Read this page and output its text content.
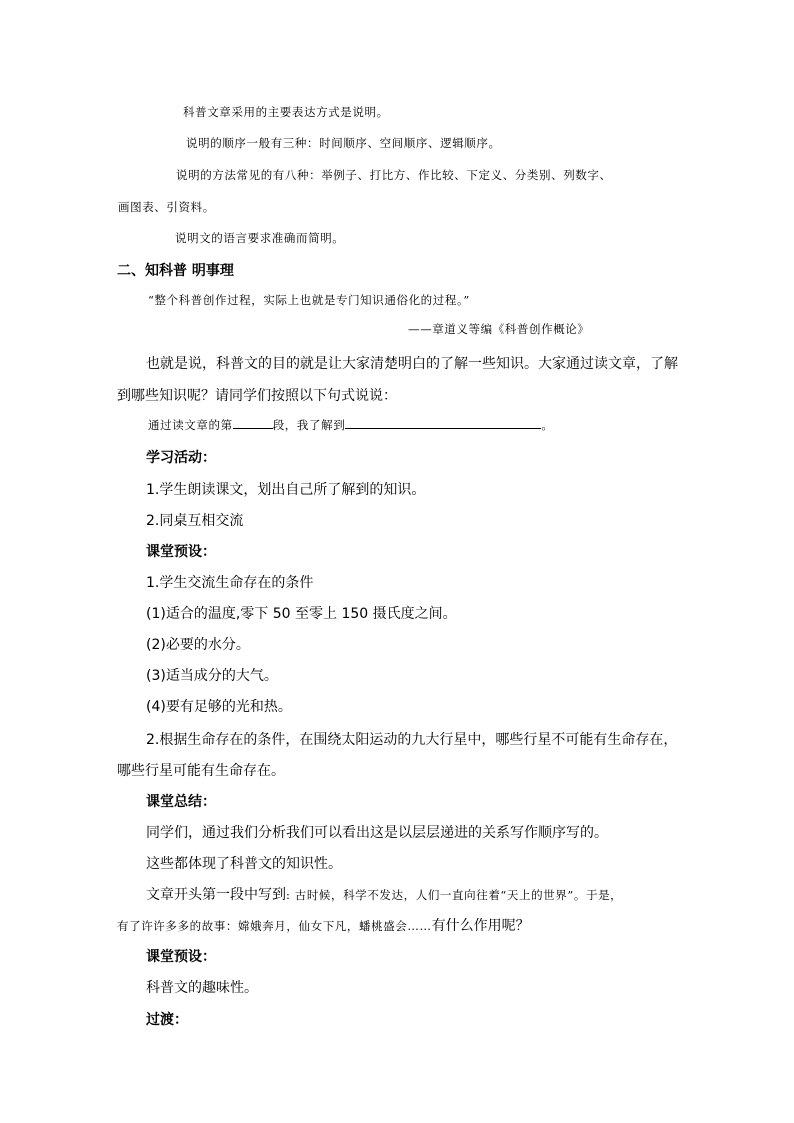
科普文章采用的主要表达方式是说明。
说明的顺序一般有三种：时间顺序、空间顺序、逻辑顺序。
说明的方法常见的有八种：举例子、打比方、作比较、下定义、分类别、列数字、
画图表、引资料。
说明文的语言要求准确而简明。
二、知科普 明事理
“整个科普创作过程，实际上也就是专门知识通俗化的过程。”
——章道义等编《科普创作概论》
也就是说，科普文的目的就是让大家清楚明白的了解一些知识。大家通过读文章，了解
到哪些知识呢？请同学们按照以下句式说说：
通过读文章的第	段，我了解到	。
学习活动：
1.学生朗读课文，划出自己所了解到的知识。
2.同桌互相交流
课堂预设：
1.学生交流生命存在的条件
(1)适合的温度,零下 50 至零上 150 摄氏度之间。
(2)必要的水分。
(3)适当成分的大气。
(4)要有足够的光和热。
2.根据生命存在的条件，在围绕太阳运动的九大行星中，哪些行星不可能有生命存在，
哪些行星可能有生命存在。
课堂总结：
同学们，通过我们分析我们可以看出这是以层层递进的关系写作顺序写的。
这些都体现了科普文的知识性。
文章开头第一段中写到: 古时候，科学不发达，人们一直向往着“天上的世界”。于是，
有了许许多多的故事：嫦娥奔月，仙女下凡，蟠桃盛会……有什么作用呢？
课堂预设：
科普文的趣味性。
过渡：
